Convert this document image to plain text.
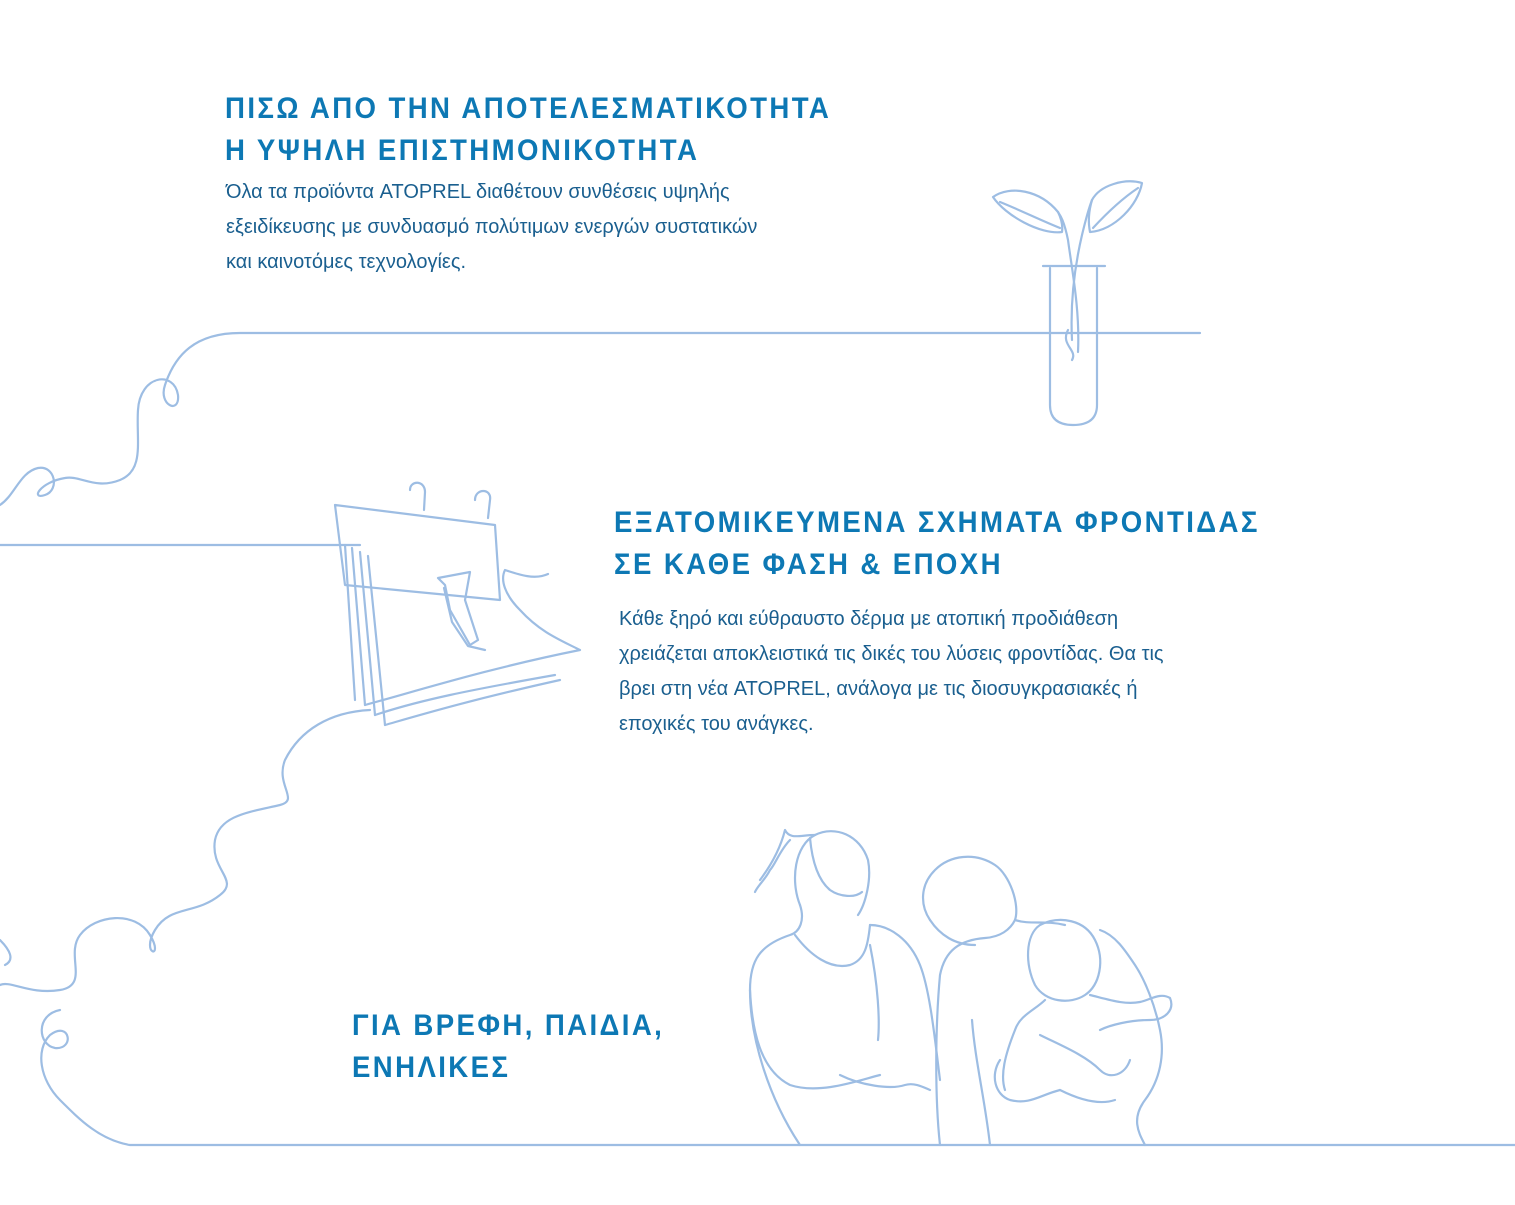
ΠΙΣΩ ΑΠΟ ΤΗΝ ΑΠΟΤΕΛΕΣΜΑΤΙΚΟΤΗΤΑ
Η ΥΨΗΛΗ ΕΠΙΣΤΗΜΟΝΙΚΟΤΗΤΑ

Όλα τα προϊόντα ATOPREL διαθέτουν συνθέσεις υψηλής
εξειδίκευσης με συνδυασμό πολύτιμων ενεργών συστατικών
και καινοτόμες τεχνολογίες.

ΕΞΑΤΟΜΙΚΕΥΜΕΝΑ ΣΧΗΜΑΤΑ ΦΡΟΝΤΙΔΑΣ
ΣΕ ΚΑΘΕ ΦΑΣΗ & ΕΠΟΧΗ

Κάθε ξηρό και εύθραυστο δέρμα με ατοπική προδιάθεση
χρειάζεται αποκλειστικά τις δικές του λύσεις φροντίδας. Θα τις
βρει στη νέα ATOPREL, ανάλογα με τις διοσυγκρασιακές ή
εποχικές του ανάγκες.

ΓΙΑ ΒΡΕΦΗ, ΠΑΙΔΙΑ,
ΕΝΗΛΙΚΕΣ
